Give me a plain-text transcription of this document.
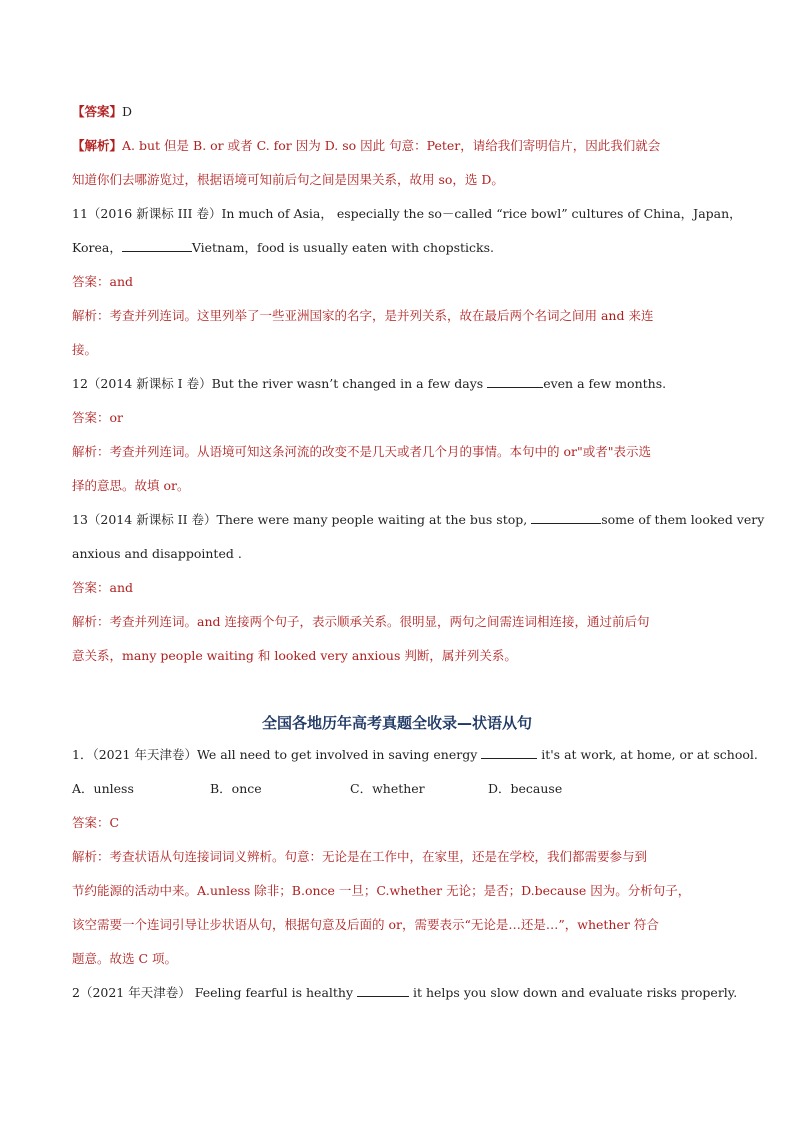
【答案】D
【解析】A. but 但是 B. or 或者 C. for 因为 D. so 因此 句意：Peter，请给我们寄明信片，因此我们就会
知道你们去哪游览过，根据语境可知前后句之间是因果关系，故用 so，选 D。
11（2016 新课标 III 卷）In much of Asia， especially the so－called “rice bowl” cultures of China，Japan，
Korea，	Vietnam，food is usually eaten with chopsticks.
答案：and
解析：考查并列连词。这里列举了一些亚洲国家的名字，是并列关系，故在最后两个名词之间用 and 来连
接。
12（2014 新课标 I 卷）But the river wasn’t changed in a few days	even a few months.
答案：or
解析：考查并列连词。从语境可知这条河流的改变不是几天或者几个月的事情。本句中的 or"或者"表示选
择的意思。故填 or。
13（2014 新课标 II 卷）There were many people waiting at the bus stop,	some of them looked very
anxious and disappointed .
答案：and
解析：考查并列连词。and 连接两个句子，表示顺承关系。很明显，两句之间需连词相连接，通过前后句
意关系，many people waiting 和 looked very anxious 判断，属并列关系。
全国各地历年高考真题全收录—状语从句
1．（2021 年天津卷）We all need to get involved in saving energy	it's at work, at home, or at school.
A．unless	B．once	C．whether	D．because
答案：C
解析：考查状语从句连接词词义辨析。句意：无论是在工作中，在家里，还是在学校，我们都需要参与到
节约能源的活动中来。A.unless 除非；B.once 一旦；C.whether 无论；是否；D.because 因为。分析句子，
该空需要一个连词引导让步状语从句，根据句意及后面的 or，需要表示“无论是…还是…”，whether 符合
题意。故选 C 项。
2（2021 年天津卷） Feeling fearful is healthy	it helps you slow down and evaluate risks properly.
